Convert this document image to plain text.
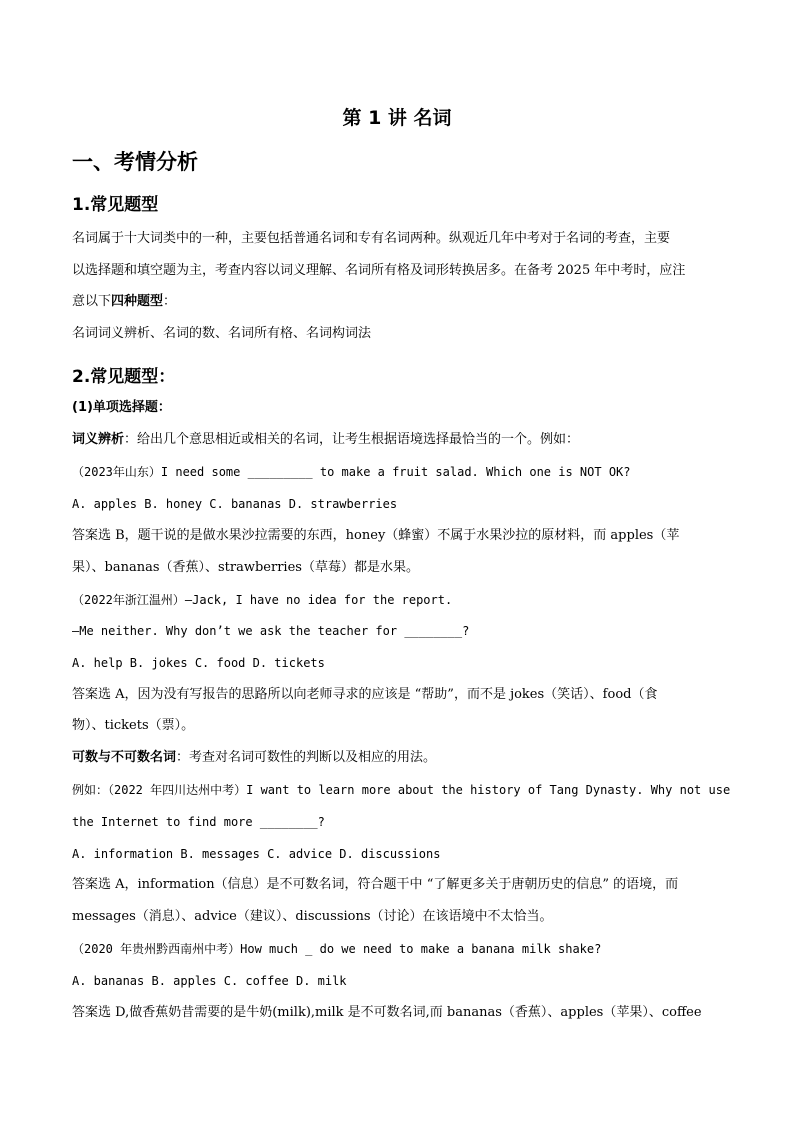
第 1 讲 名词
一、考情分析
1.常见题型
名词属于十大词类中的一种，主要包括普通名词和专有名词两种。纵观近几年中考对于名词的考查，主要
以选择题和填空题为主，考查内容以词义理解、名词所有格及词形转换居多。在备考 2025 年中考时，应注
意以下四种题型：
名词词义辨析、名词的数、名词所有格、名词构词法
2.常见题型：
(1)单项选择题：
词义辨析：给出几个意思相近或相关的名词，让考生根据语境选择最恰当的一个。例如：
（2023年山东）I need some _________ to make a fruit salad. Which one is NOT OK?
A. apples B. honey C. bananas D. strawberries
答案选 B，题干说的是做水果沙拉需要的东西，honey（蜂蜜）不属于水果沙拉的原材料，而 apples（苹
果）、bananas（香蕉）、strawberries（草莓）都是水果。
（2022年浙江温州）—Jack, I have no idea for the report.
—Me neither. Why don’t we ask the teacher for ________?
A. help B. jokes C. food D. tickets
答案选 A，因为没有写报告的思路所以向老师寻求的应该是 “帮助”，而不是 jokes（笑话）、food（食
物）、tickets（票）。
可数与不可数名词：考查对名词可数性的判断以及相应的用法。
例如：（2022 年四川达州中考）I want to learn more about the history of Tang Dynasty. Why not use
the Internet to find more ________?
A. information B. messages C. advice D. discussions
答案选 A，information（信息）是不可数名词，符合题干中 “了解更多关于唐朝历史的信息” 的语境，而
messages（消息）、advice（建议）、discussions（讨论）在该语境中不太恰当。
（2020 年贵州黔西南州中考）How much _ do we need to make a banana milk shake?
A. bananas B. apples C. coffee D. milk
答案选 D,做香蕉奶昔需要的是牛奶(milk),milk 是不可数名词,而 bananas（香蕉）、apples（苹果）、coffee
